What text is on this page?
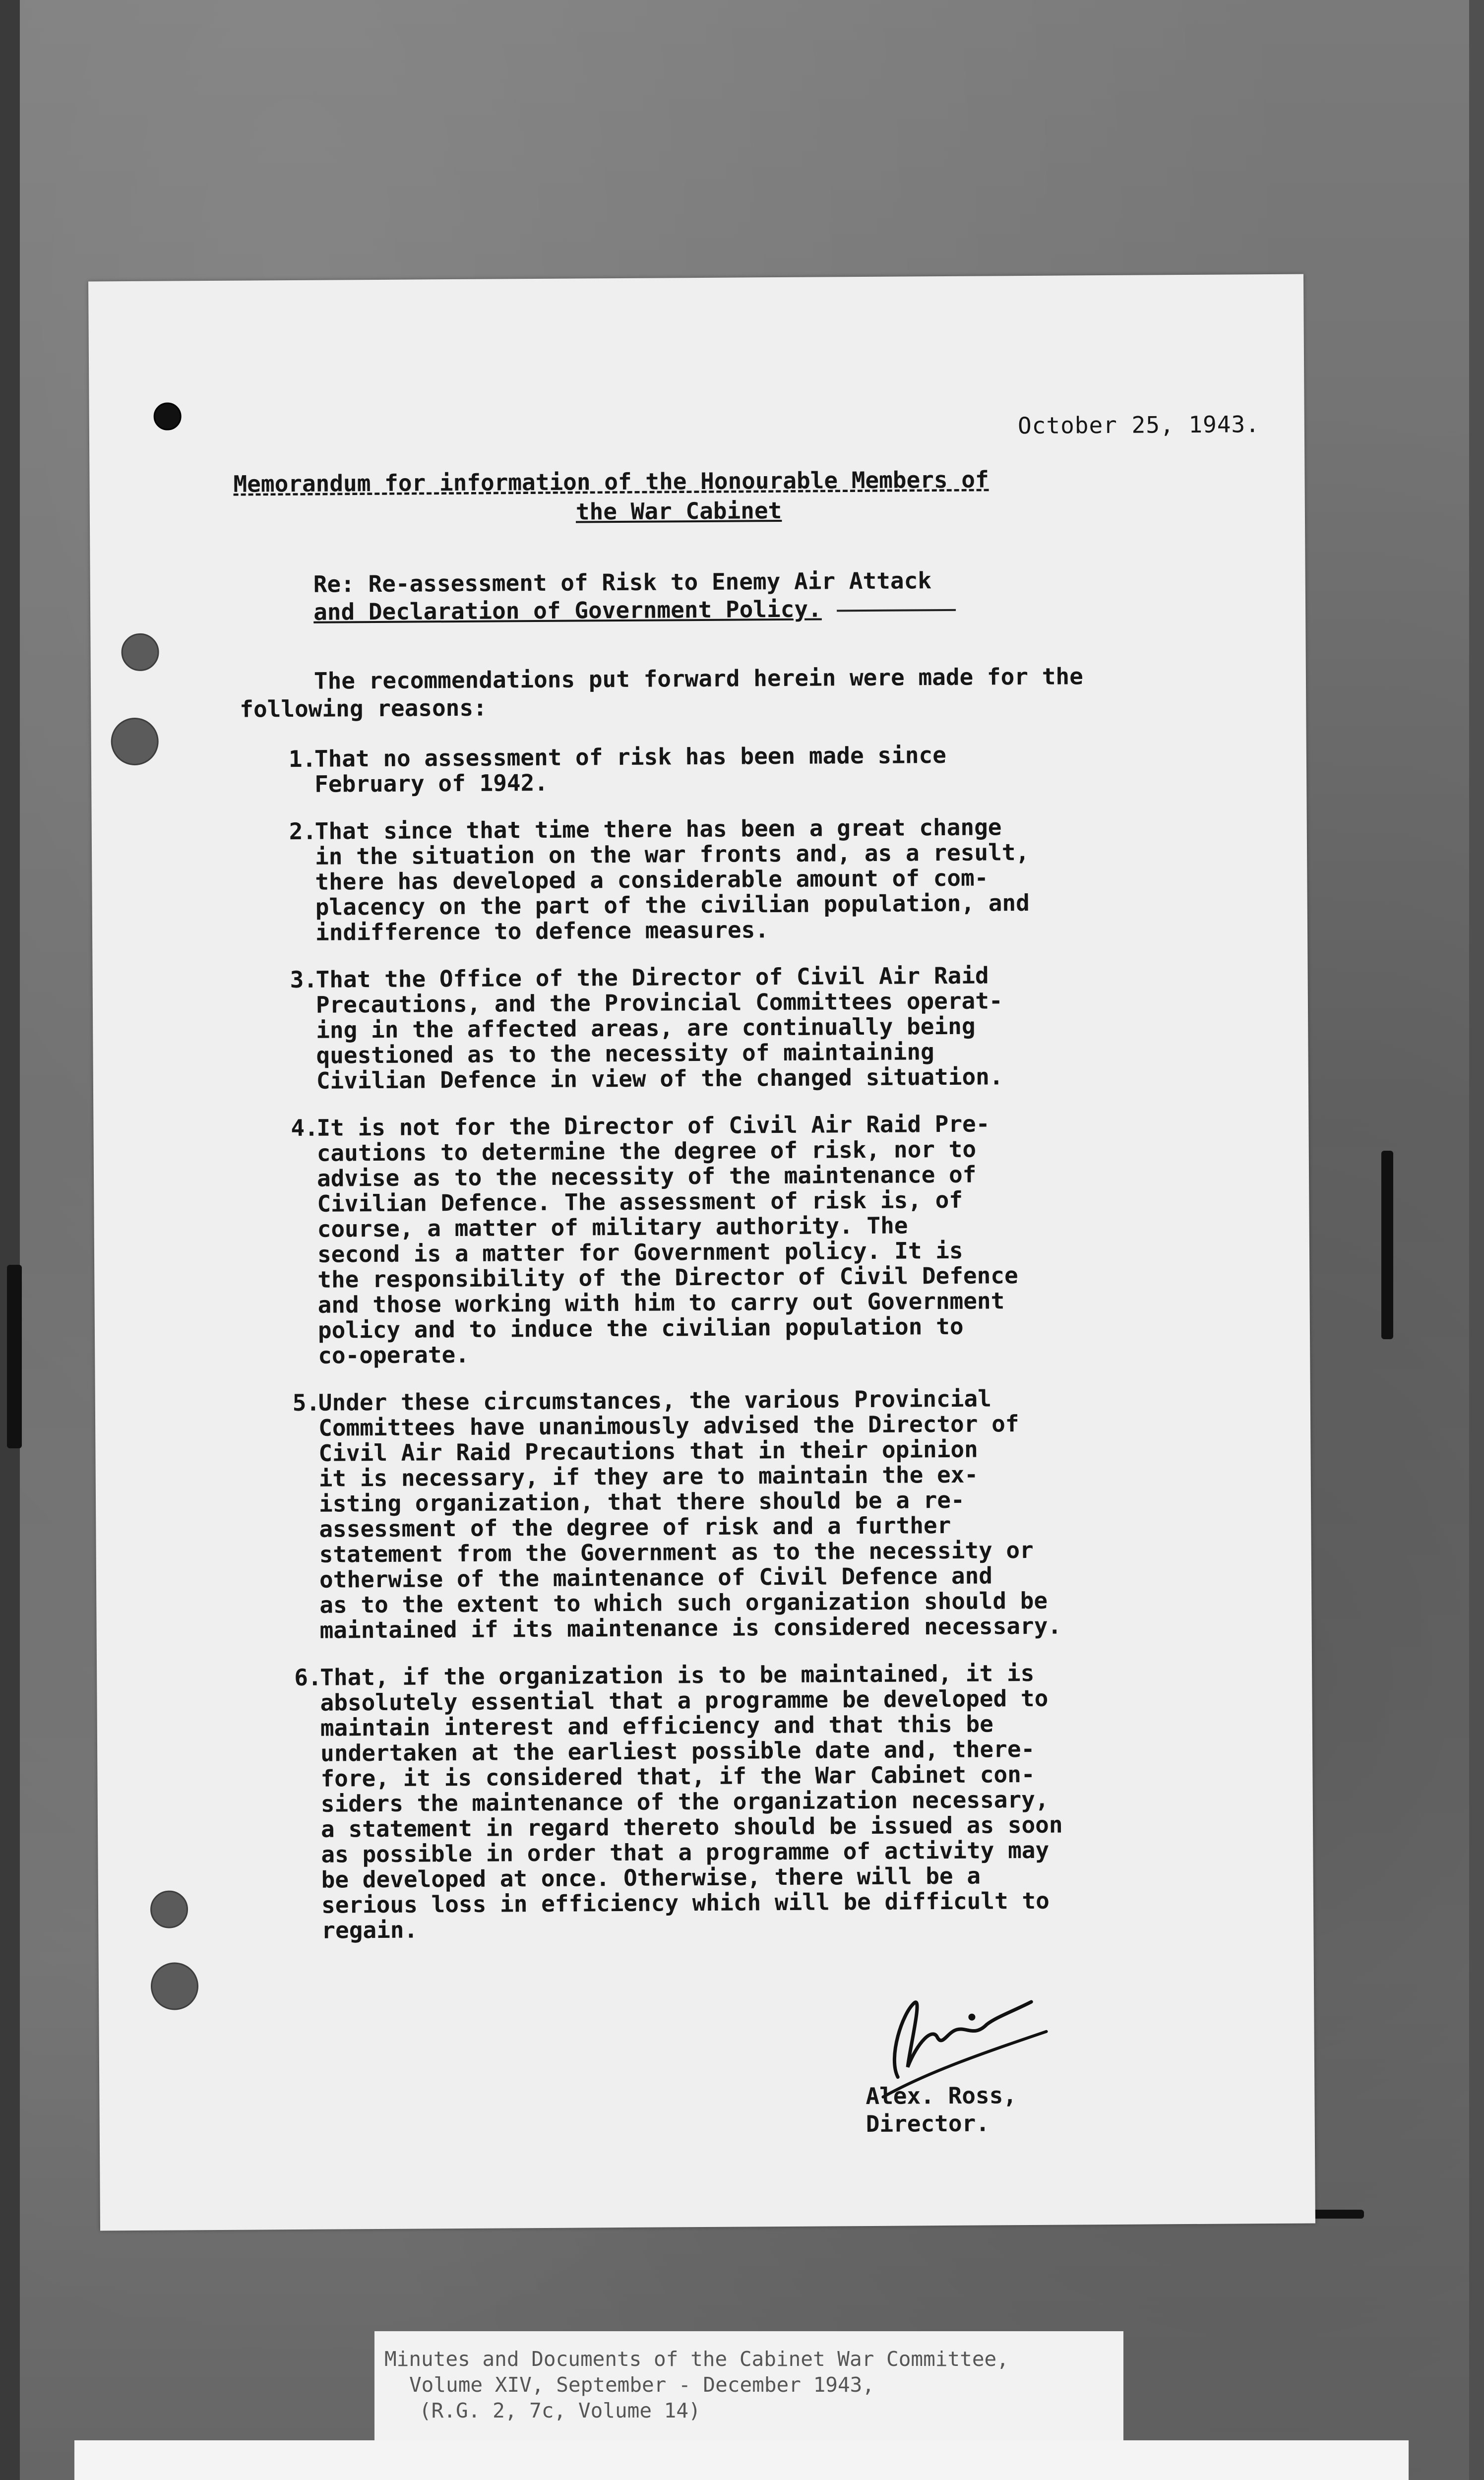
October 25, 1943.
Memorandum for information of the Honourable Members of
the War Cabinet
Re: Re-assessment of Risk to Enemy Air Attack
and Declaration of Government Policy.
The recommendations put forward herein were made for the
following reasons:
1.
That no assessment of risk has been made since
February of 1942.
2.
That since that time there has been a great change
in the situation on the war fronts and, as a result,
there has developed a considerable amount of com-
placency on the part of the civilian population, and
indifference to defence measures.
3.
That the Office of the Director of Civil Air Raid
Precautions, and the Provincial Committees operat-
ing in the affected areas, are continually being
questioned as to the necessity of maintaining
Civilian Defence in view of the changed situation.
4.
It is not for the Director of Civil Air Raid Pre-
cautions to determine the degree of risk, nor to
advise as to the necessity of the maintenance of
Civilian Defence. The assessment of risk is, of
course, a matter of military authority. The
second is a matter for Government policy. It is
the responsibility of the Director of Civil Defence
and those working with him to carry out Government
policy and to induce the civilian population to
co-operate.
5.
Under these circumstances, the various Provincial
Committees have unanimously advised the Director of
Civil Air Raid Precautions that in their opinion
it is necessary, if they are to maintain the ex-
isting organization, that there should be a re-
assessment of the degree of risk and a further
statement from the Government as to the necessity or
otherwise of the maintenance of Civil Defence and
as to the extent to which such organization should be
maintained if its maintenance is considered necessary.
6.
That, if the organization is to be maintained, it is
absolutely essential that a programme be developed to
maintain interest and efficiency and that this be
undertaken at the earliest possible date and, there-
fore, it is considered that, if the War Cabinet con-
siders the maintenance of the organization necessary,
a statement in regard thereto should be issued as soon
as possible in order that a programme of activity may
be developed at once. Otherwise, there will be a
serious loss in efficiency which will be difficult to
regain.
Alex. Ross,
Director.
Minutes and Documents of the Cabinet War Committee,
Volume XIV, September - December 1943,
(R.G. 2, 7c, Volume 14)
